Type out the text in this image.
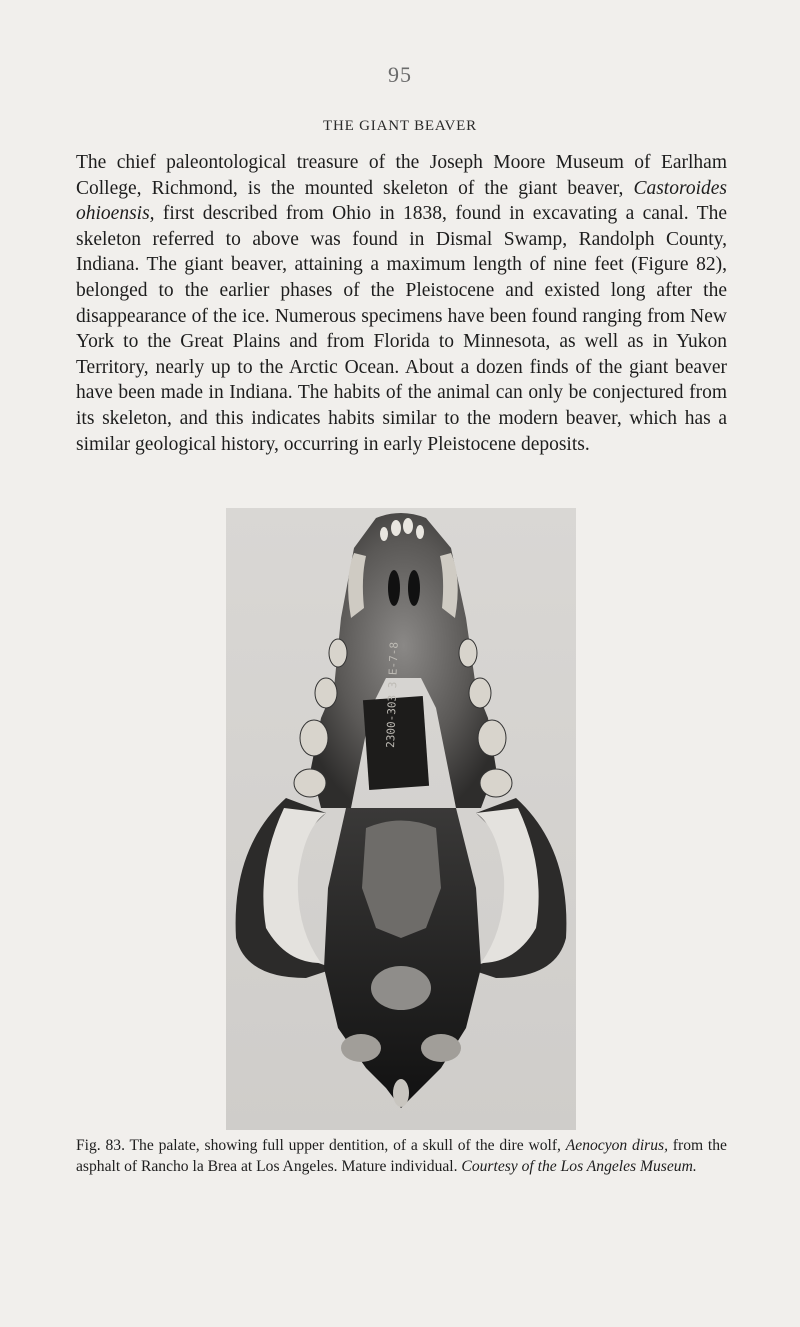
95
THE GIANT BEAVER

The chief paleontological treasure of the Joseph Moore Museum of Earlham College, Richmond, is the mounted skeleton of the giant beaver, Castoroides ohioensis, first described from Ohio in 1838, found in excavating a canal. The skeleton referred to above was found in Dismal Swamp, Randolph County, Indiana. The giant beaver, attaining a maximum length of nine feet (Figure 82), belonged to the earlier phases of the Pleistocene and existed long after the disappearance of the ice. Numerous specimens have been found ranging from New York to the Great Plains and from Florida to Minnesota, as well as in Yukon Territory, nearly up to the Arctic Ocean. About a dozen finds of the giant beaver have been made in Indiana. The habits of the animal can only be conjectured from its skeleton, and this indicates habits similar to the modern beaver, which has a similar geological history, occurring in early Pleistocene deposits.

2300-303 3 E-7-8

Fig. 83. The palate, showing full upper dentition, of a skull of the dire wolf, Aenocyon dirus, from the asphalt of Rancho la Brea at Los Angeles. Mature individual. Courtesy of the Los Angeles Museum.
